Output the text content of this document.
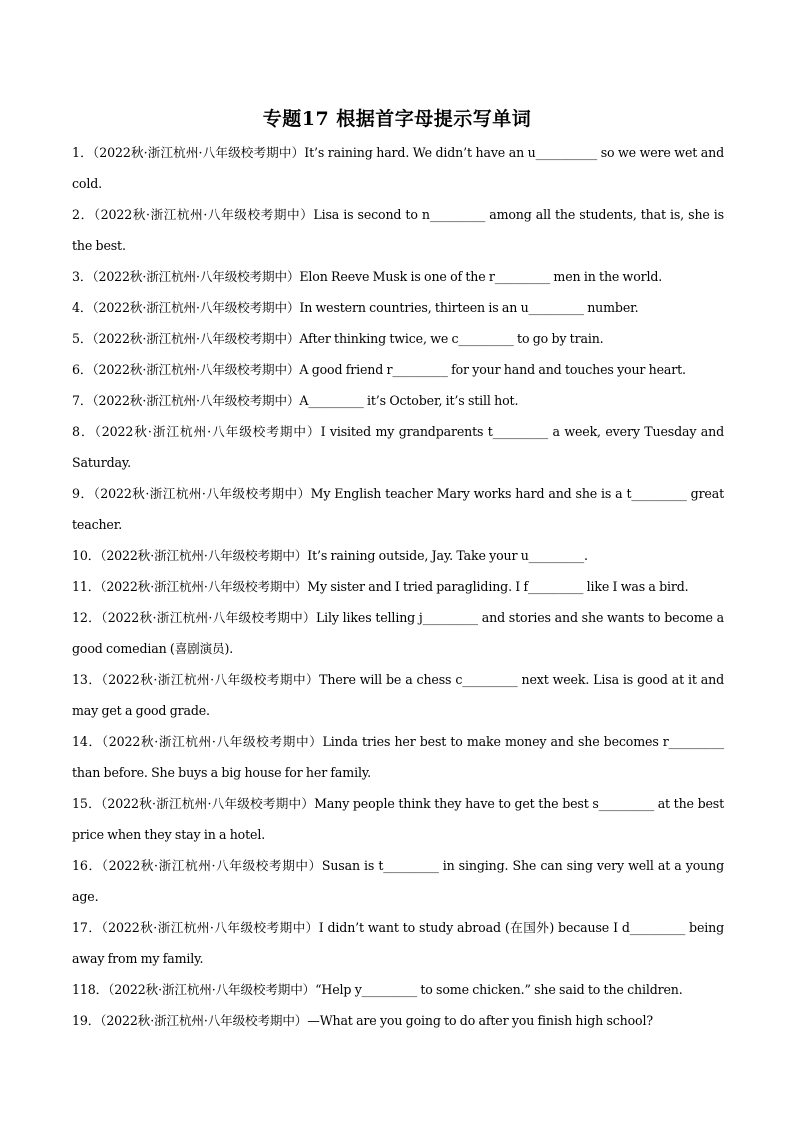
专题17 根据首字母提示写单词
1．（2022秋·浙江杭州·八年级校考期中）It’s raining hard. We didn’t have an u__________ so we were wet and cold.
2．（2022秋·浙江杭州·八年级校考期中）Lisa is second to n_________ among all the students, that is, she is the best.
3．（2022秋·浙江杭州·八年级校考期中）Elon Reeve Musk is one of the r_________ men in the world.
4．（2022秋·浙江杭州·八年级校考期中）In western countries, thirteen is an u_________ number.
5．（2022秋·浙江杭州·八年级校考期中）After thinking twice, we c_________ to go by train.
6．（2022秋·浙江杭州·八年级校考期中）A good friend r_________ for your hand and touches your heart.
7．（2022秋·浙江杭州·八年级校考期中）A_________ it’s October, it’s still hot.
8．（2022秋·浙江杭州·八年级校考期中）I visited my grandparents t_________ a week, every Tuesday and Saturday.
9．（2022秋·浙江杭州·八年级校考期中）My English teacher Mary works hard and she is a t_________ great teacher.
10．（2022秋·浙江杭州·八年级校考期中）It’s raining outside, Jay. Take your u_________.
11．（2022秋·浙江杭州·八年级校考期中）My sister and I tried paragliding. I f_________ like I was a bird.
12．（2022秋·浙江杭州·八年级校考期中）Lily likes telling j_________ and stories and she wants to become a good comedian (喜剧演员).
13．（2022秋·浙江杭州·八年级校考期中）There will be a chess c_________ next week. Lisa is good at it and may get a good grade.
14．（2022秋·浙江杭州·八年级校考期中）Linda tries her best to make money and she becomes r_________ than before. She buys a big house for her family.
15．（2022秋·浙江杭州·八年级校考期中）Many people think they have to get the best s_________ at the best price when they stay in a hotel.
16．（2022秋·浙江杭州·八年级校考期中）Susan is t_________ in singing. She can sing very well at a young age.
17．（2022秋·浙江杭州·八年级校考期中）I didn’t want to study abroad (在国外) because I d_________ being away from my family.
118．（2022秋·浙江杭州·八年级校考期中）“Help y_________ to some chicken.” she said to the children.
19．（2022秋·浙江杭州·八年级校考期中）—What are you going to do after you finish high school?
